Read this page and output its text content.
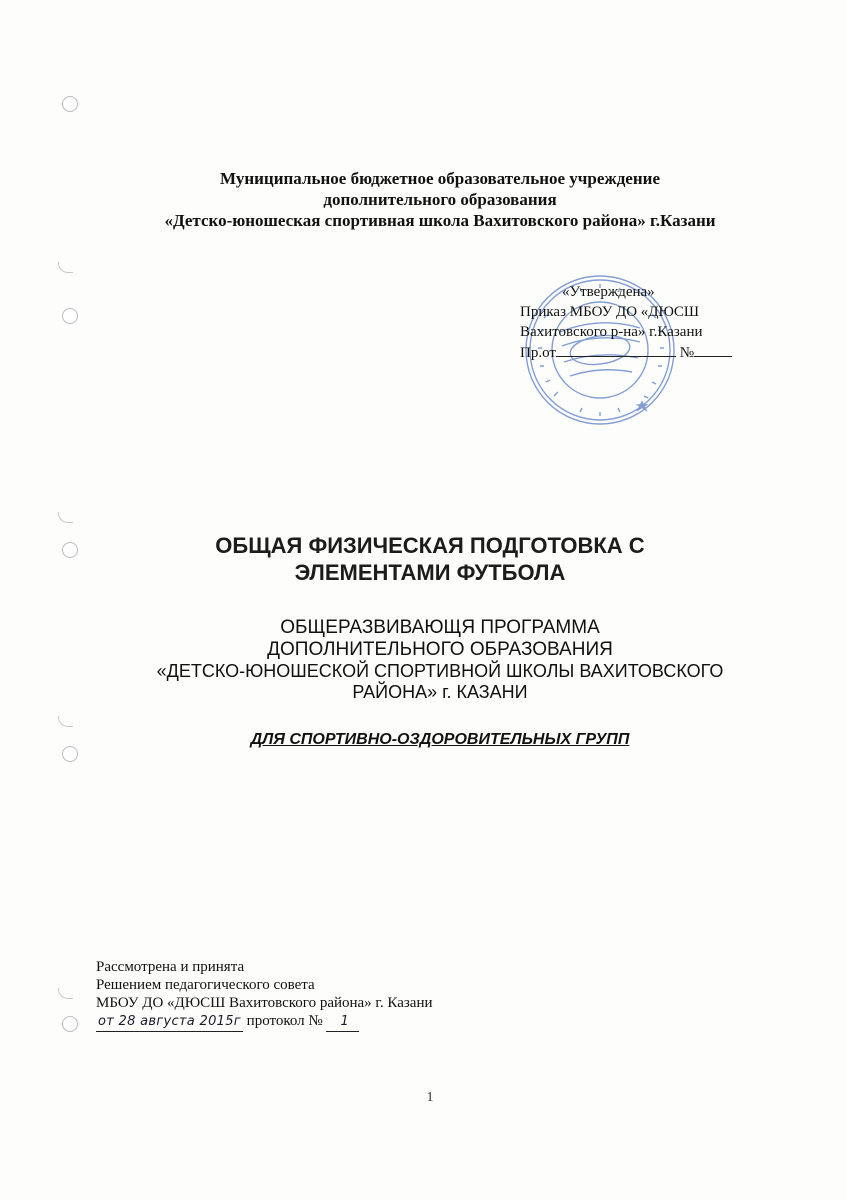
Муниципальное бюджетное образовательное учреждение
дополнительного образования
«Детско-юношеская спортивная школа Вахитовского района» г.Казани
«Утверждена»
Приказ МБОУ ДО «ДЮСШ
Вахитовского р-на» г.Казани
Пр.от	№
ОБЩАЯ ФИЗИЧЕСКАЯ ПОДГОТОВКА С
ЭЛЕМЕНТАМИ ФУТБОЛА
ОБЩЕРАЗВИВАЮЩЯ ПРОГРАММА
ДОПОЛНИТЕЛЬНОГО ОБРАЗОВАНИЯ
«ДЕТСКО-ЮНОШЕСКОЙ СПОРТИВНОЙ ШКОЛЫ ВАХИТОВСКОГО
РАЙОНА» г. КАЗАНИ
ДЛЯ СПОРТИВНО-ОЗДОРОВИТЕЛЬНЫХ ГРУПП
Рассмотрена и принята
Решением педагогического совета
МБОУ ДО «ДЮСШ Вахитовского района» г. Казани
от 28 августа 2015г протокол № 1
1
